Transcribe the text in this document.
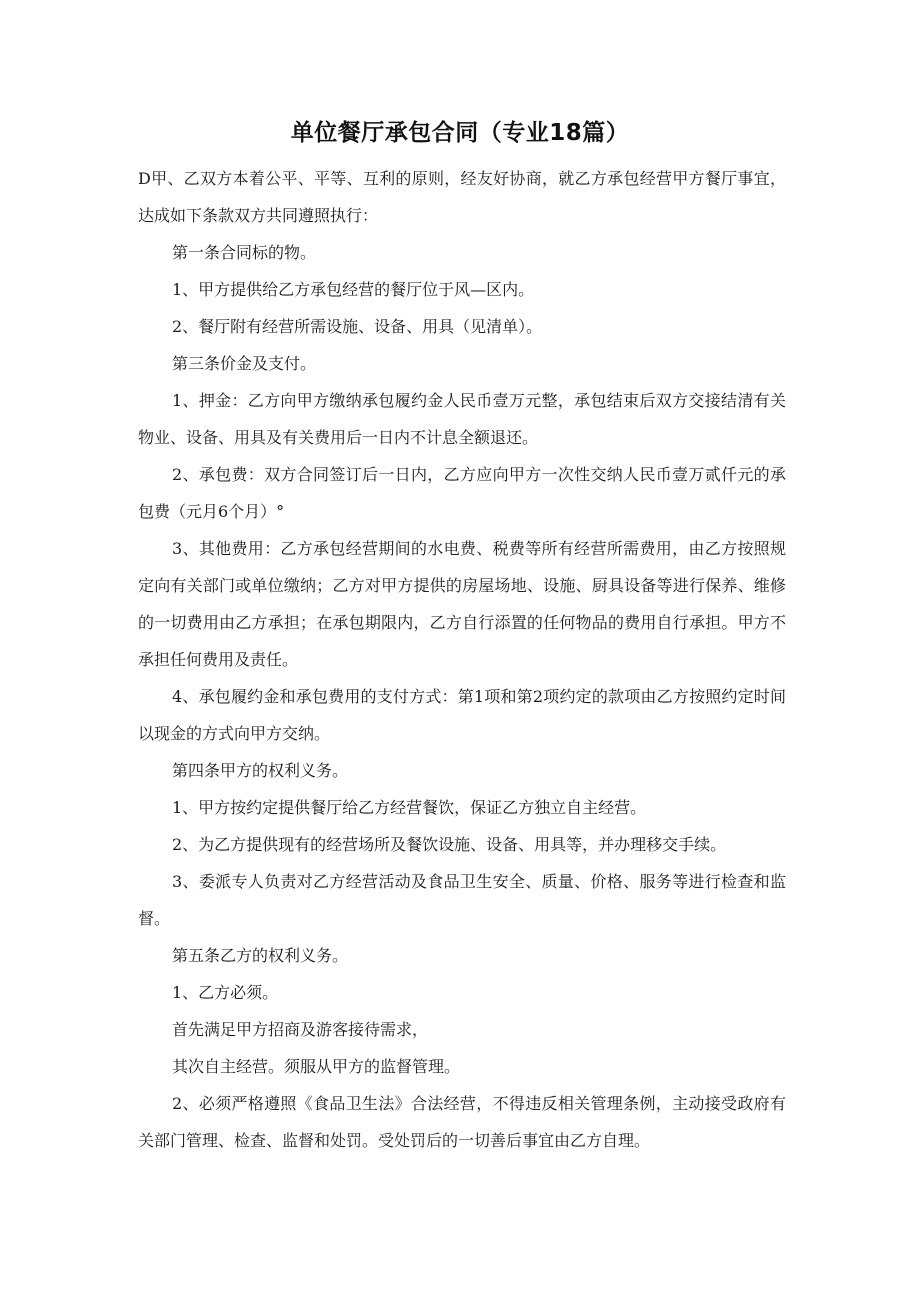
单位餐厅承包合同（专业18篇）

D甲、乙双方本着公平、平等、互利的原则，经友好协商，就乙方承包经营甲方餐厅事宜，达成如下条款双方共同遵照执行：

第一条合同标的物。

1、甲方提供给乙方承包经营的餐厅位于风—区内。

2、餐厅附有经营所需设施、设备、用具（见清单）。

第三条价金及支付。

1、押金：乙方向甲方缴纳承包履约金人民币壹万元整，承包结束后双方交接结清有关物业、设备、用具及有关费用后一日内不计息全额退还。

2、承包费：双方合同签订后一日内，乙方应向甲方一次性交纳人民币壹万贰仟元的承包费（元月6个月）°

3、其他费用：乙方承包经营期间的水电费、税费等所有经营所需费用，由乙方按照规定向有关部门或单位缴纳；乙方对甲方提供的房屋场地、设施、厨具设备等进行保养、维修的一切费用由乙方承担；在承包期限内，乙方自行添置的任何物品的费用自行承担。甲方不承担任何费用及责任。

4、承包履约金和承包费用的支付方式：第1项和第2项约定的款项由乙方按照约定时间以现金的方式向甲方交纳。

第四条甲方的权利义务。

1、甲方按约定提供餐厅给乙方经营餐饮，保证乙方独立自主经营。

2、为乙方提供现有的经营场所及餐饮设施、设备、用具等，并办理移交手续。

3、委派专人负责对乙方经营活动及食品卫生安全、质量、价格、服务等进行检查和监督。

第五条乙方的权利义务。

1、乙方必须。

首先满足甲方招商及游客接待需求，

其次自主经营。须服从甲方的监督管理。

2、必须严格遵照《食品卫生法》合法经营，不得违反相关管理条例，主动接受政府有关部门管理、检查、监督和处罚。受处罚后的一切善后事宜由乙方自理。
